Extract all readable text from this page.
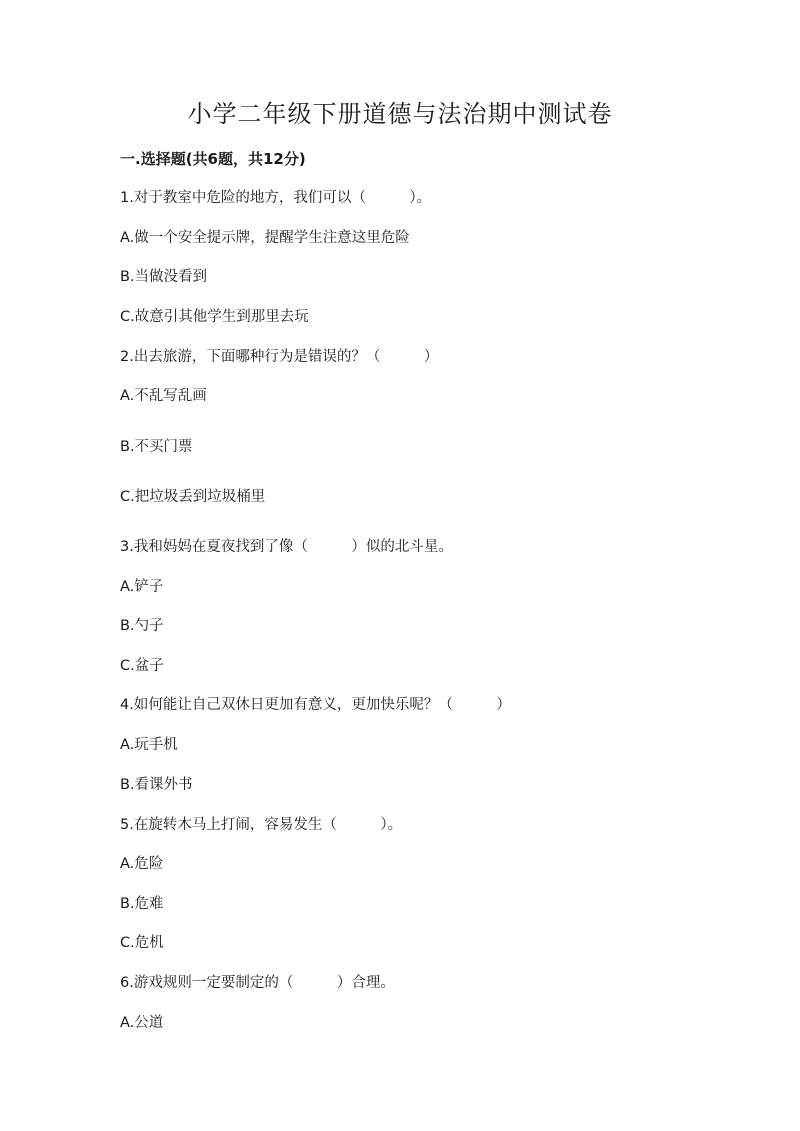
小学二年级下册道德与法治期中测试卷
一.选择题(共6题，共12分)
1.对于教室中危险的地方，我们可以（　　　）。
A.做一个安全提示牌，提醒学生注意这里危险
B.当做没看到
C.故意引其他学生到那里去玩
2.出去旅游，下面哪种行为是错误的？（　　　）
A.不乱写乱画
B.不买门票
C.把垃圾丢到垃圾桶里
3.我和妈妈在夏夜找到了像（　　　）似的北斗星。
A.铲子
B.勺子
C.盆子
4.如何能让自己双休日更加有意义，更加快乐呢？（　　　）
A.玩手机
B.看课外书
5.在旋转木马上打闹，容易发生（　　　）。
A.危险
B.危难
C.危机
6.游戏规则一定要制定的（　　　）合理。
A.公道
